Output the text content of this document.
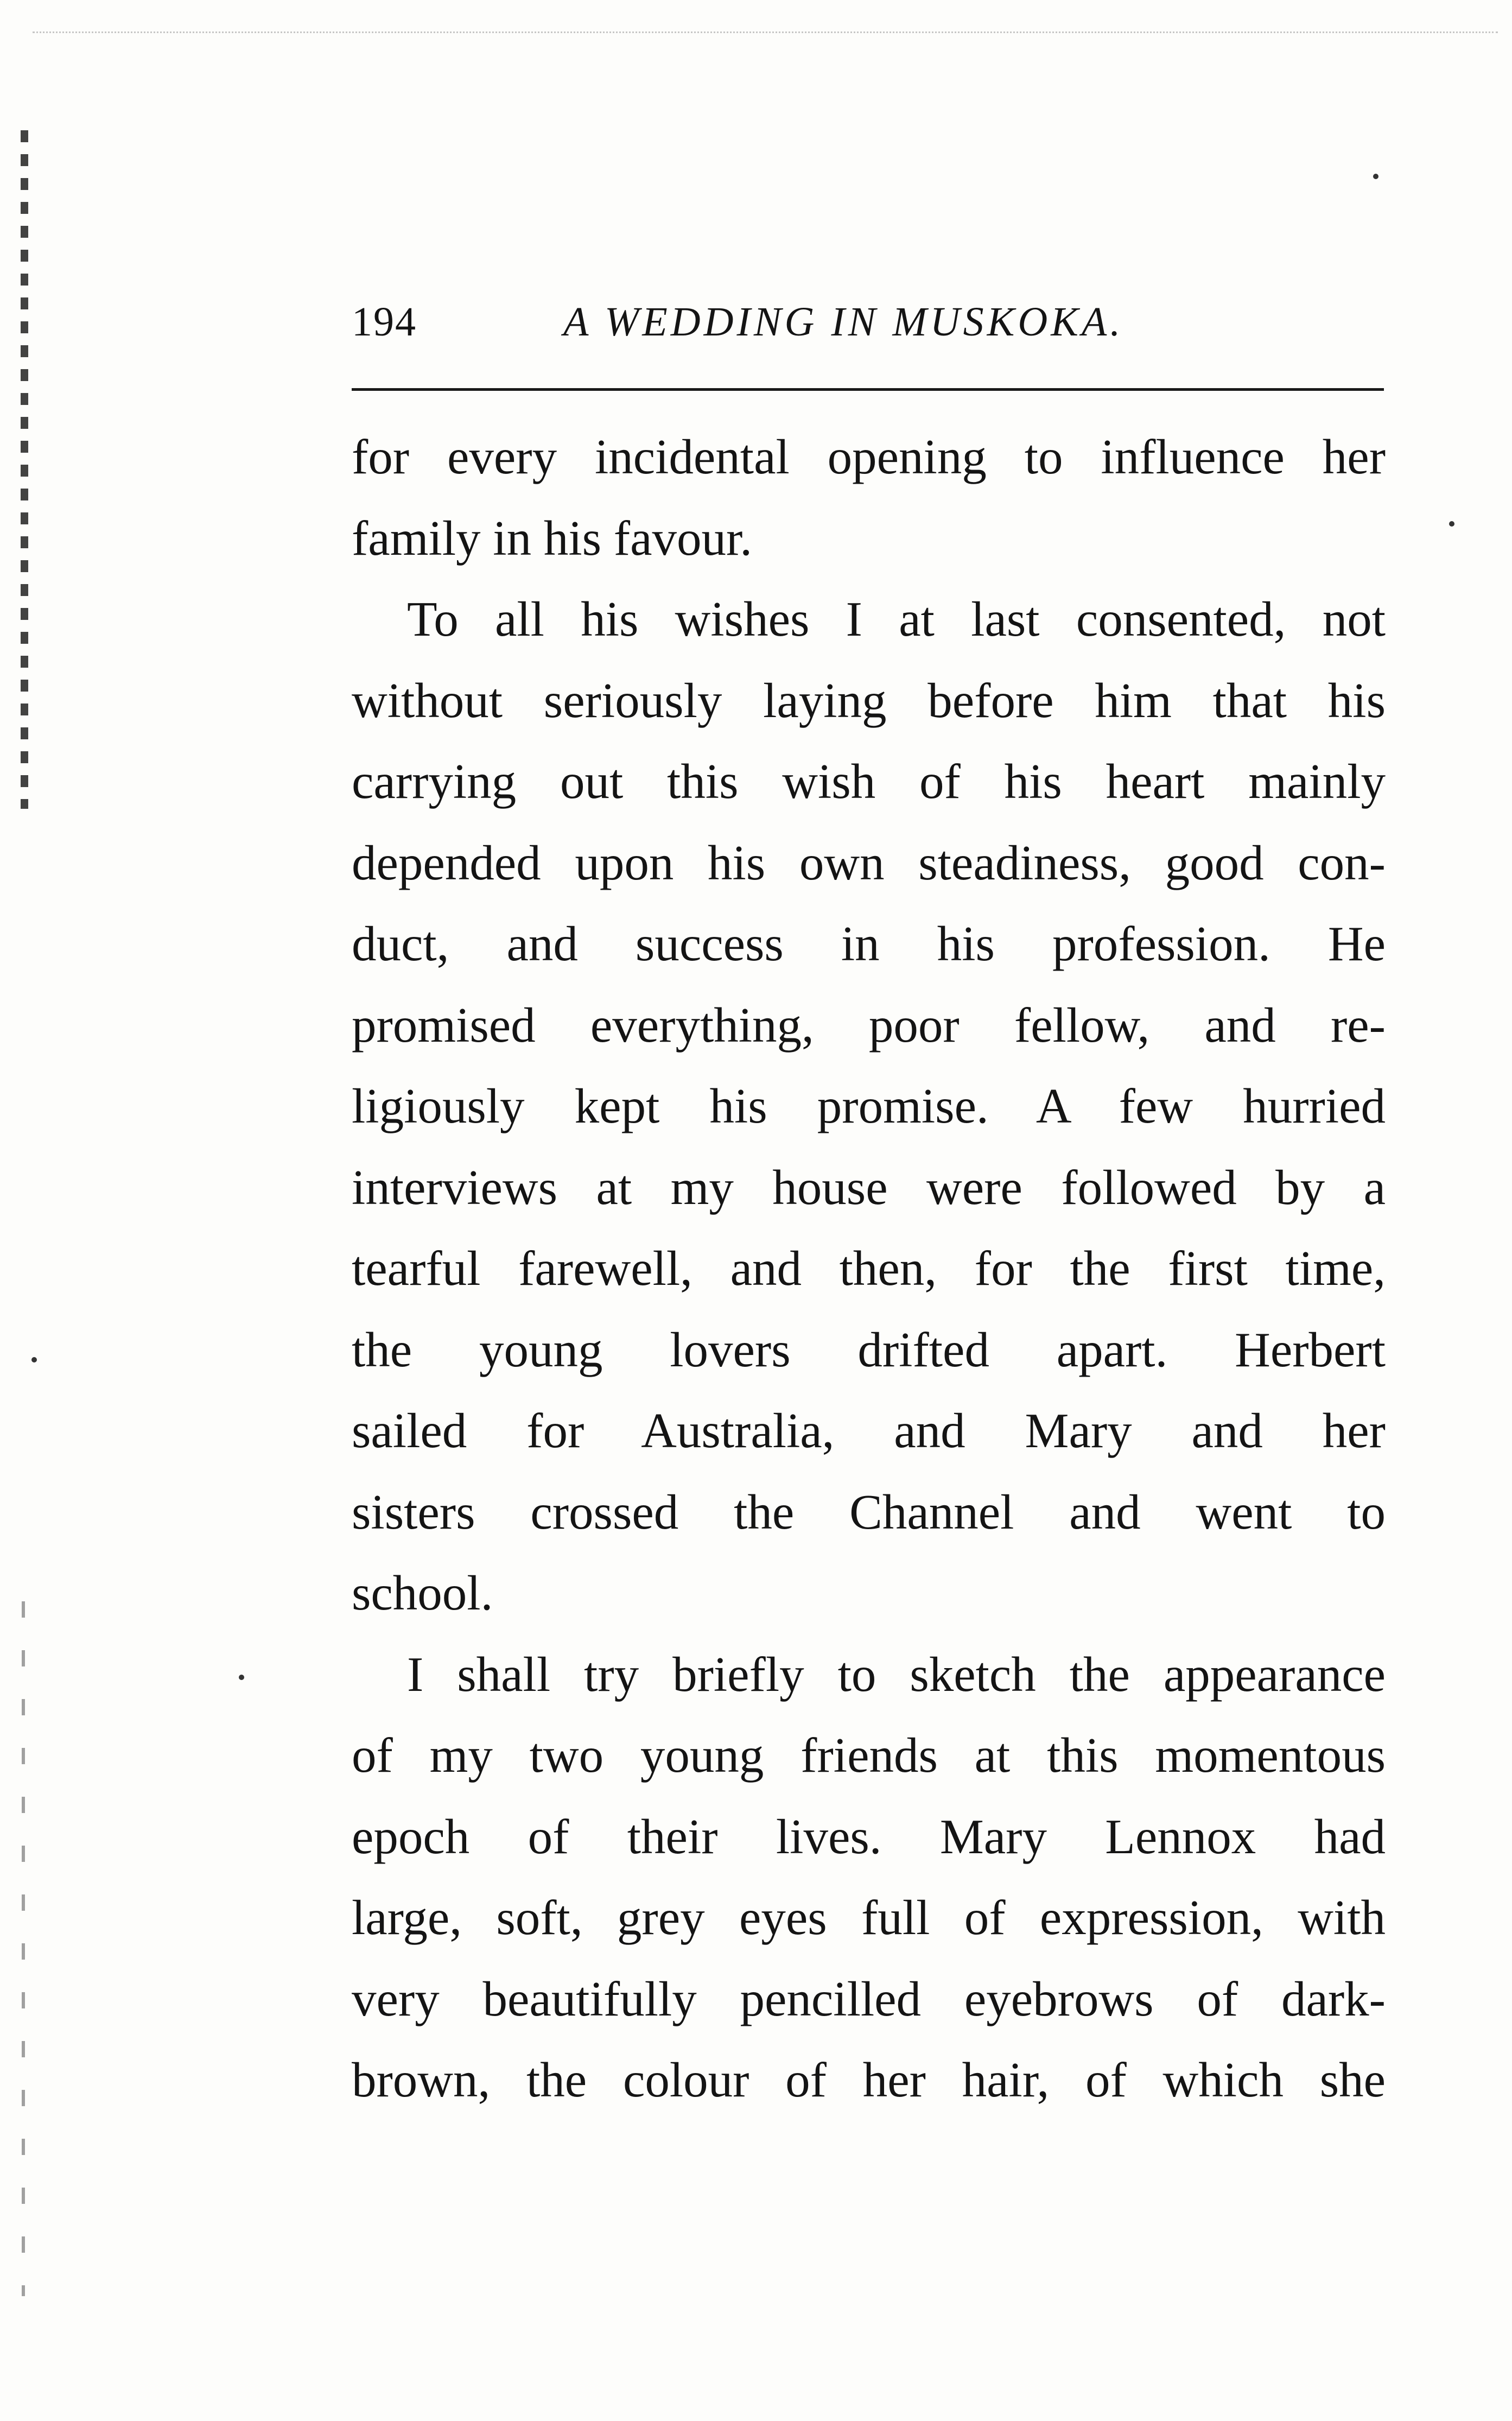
194	A WEDDING IN MUSKOKA.
for every incidental opening to influence her
family in his favour.
To all his wishes I at last consented, not
without seriously laying before him that his
carrying out this wish of his heart mainly
depended upon his own steadiness, good con-
duct, and success in his profession. He
promised everything, poor fellow, and re-
ligiously kept his promise. A few hurried
interviews at my house were followed by a
tearful farewell, and then, for the first time,
the young lovers drifted apart. Herbert
sailed for Australia, and Mary and her
sisters crossed the Channel and went to
school.
I shall try briefly to sketch the appearance
of my two young friends at this momentous
epoch of their lives. Mary Lennox had
large, soft, grey eyes full of expression, with
very beautifully pencilled eyebrows of dark-
brown, the colour of her hair, of which she
